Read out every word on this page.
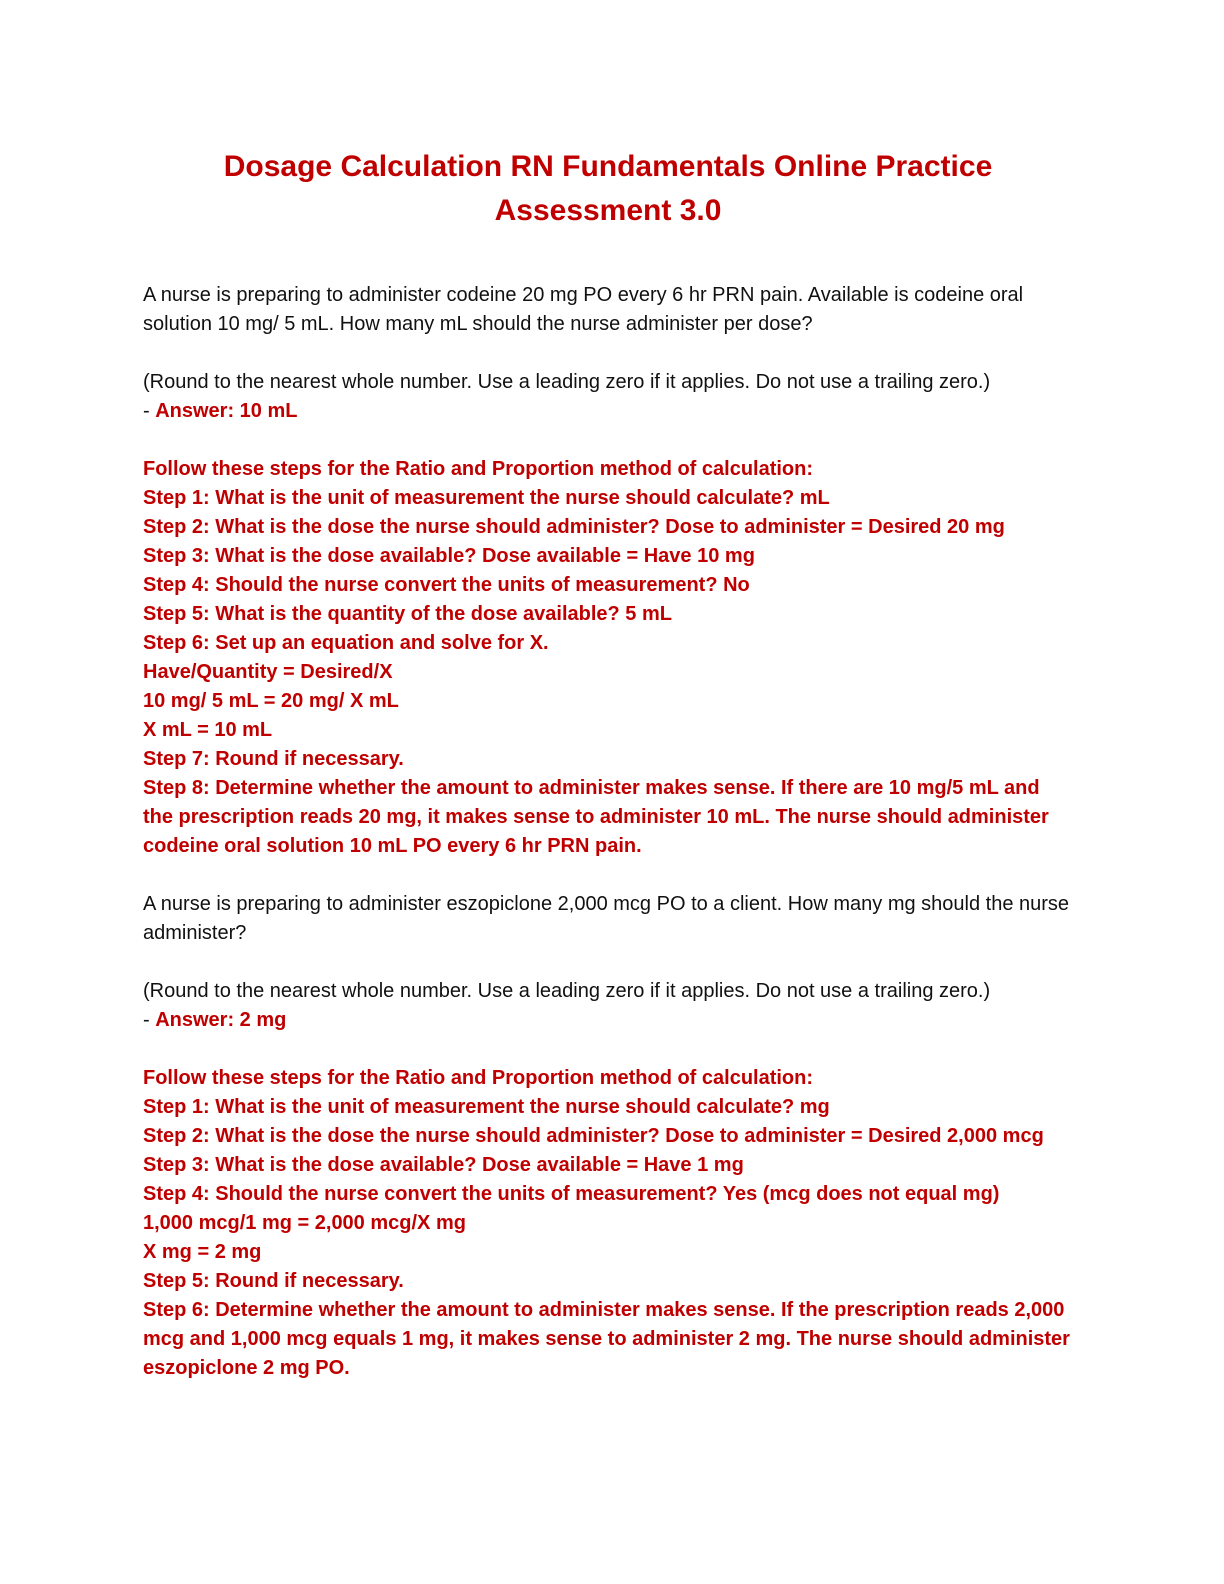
Dosage Calculation RN Fundamentals Online Practice
Assessment 3.0

A nurse is preparing to administer codeine 20 mg PO every 6 hr PRN pain. Available is codeine oral solution 10 mg/ 5 mL. How many mL should the nurse administer per dose?

(Round to the nearest whole number. Use a leading zero if it applies. Do not use a trailing zero.)
- Answer: 10 mL

Follow these steps for the Ratio and Proportion method of calculation:
Step 1: What is the unit of measurement the nurse should calculate? mL
Step 2: What is the dose the nurse should administer? Dose to administer = Desired 20 mg
Step 3: What is the dose available? Dose available = Have 10 mg
Step 4: Should the nurse convert the units of measurement? No
Step 5: What is the quantity of the dose available? 5 mL
Step 6: Set up an equation and solve for X.
Have/Quantity = Desired/X
10 mg/ 5 mL = 20 mg/ X mL
X mL = 10 mL
Step 7: Round if necessary.
Step 8: Determine whether the amount to administer makes sense. If there are 10 mg/5 mL and the prescription reads 20 mg, it makes sense to administer 10 mL. The nurse should administer codeine oral solution 10 mL PO every 6 hr PRN pain.

A nurse is preparing to administer eszopiclone 2,000 mcg PO to a client. How many mg should the nurse administer?

(Round to the nearest whole number. Use a leading zero if it applies. Do not use a trailing zero.)
- Answer: 2 mg

Follow these steps for the Ratio and Proportion method of calculation:
Step 1: What is the unit of measurement the nurse should calculate? mg
Step 2: What is the dose the nurse should administer? Dose to administer = Desired 2,000 mcg
Step 3: What is the dose available? Dose available = Have 1 mg
Step 4: Should the nurse convert the units of measurement? Yes (mcg does not equal mg)
1,000 mcg/1 mg = 2,000 mcg/X mg
X mg = 2 mg
Step 5: Round if necessary.
Step 6: Determine whether the amount to administer makes sense. If the prescription reads 2,000 mcg and 1,000 mcg equals 1 mg, it makes sense to administer 2 mg. The nurse should administer eszopiclone 2 mg PO.
